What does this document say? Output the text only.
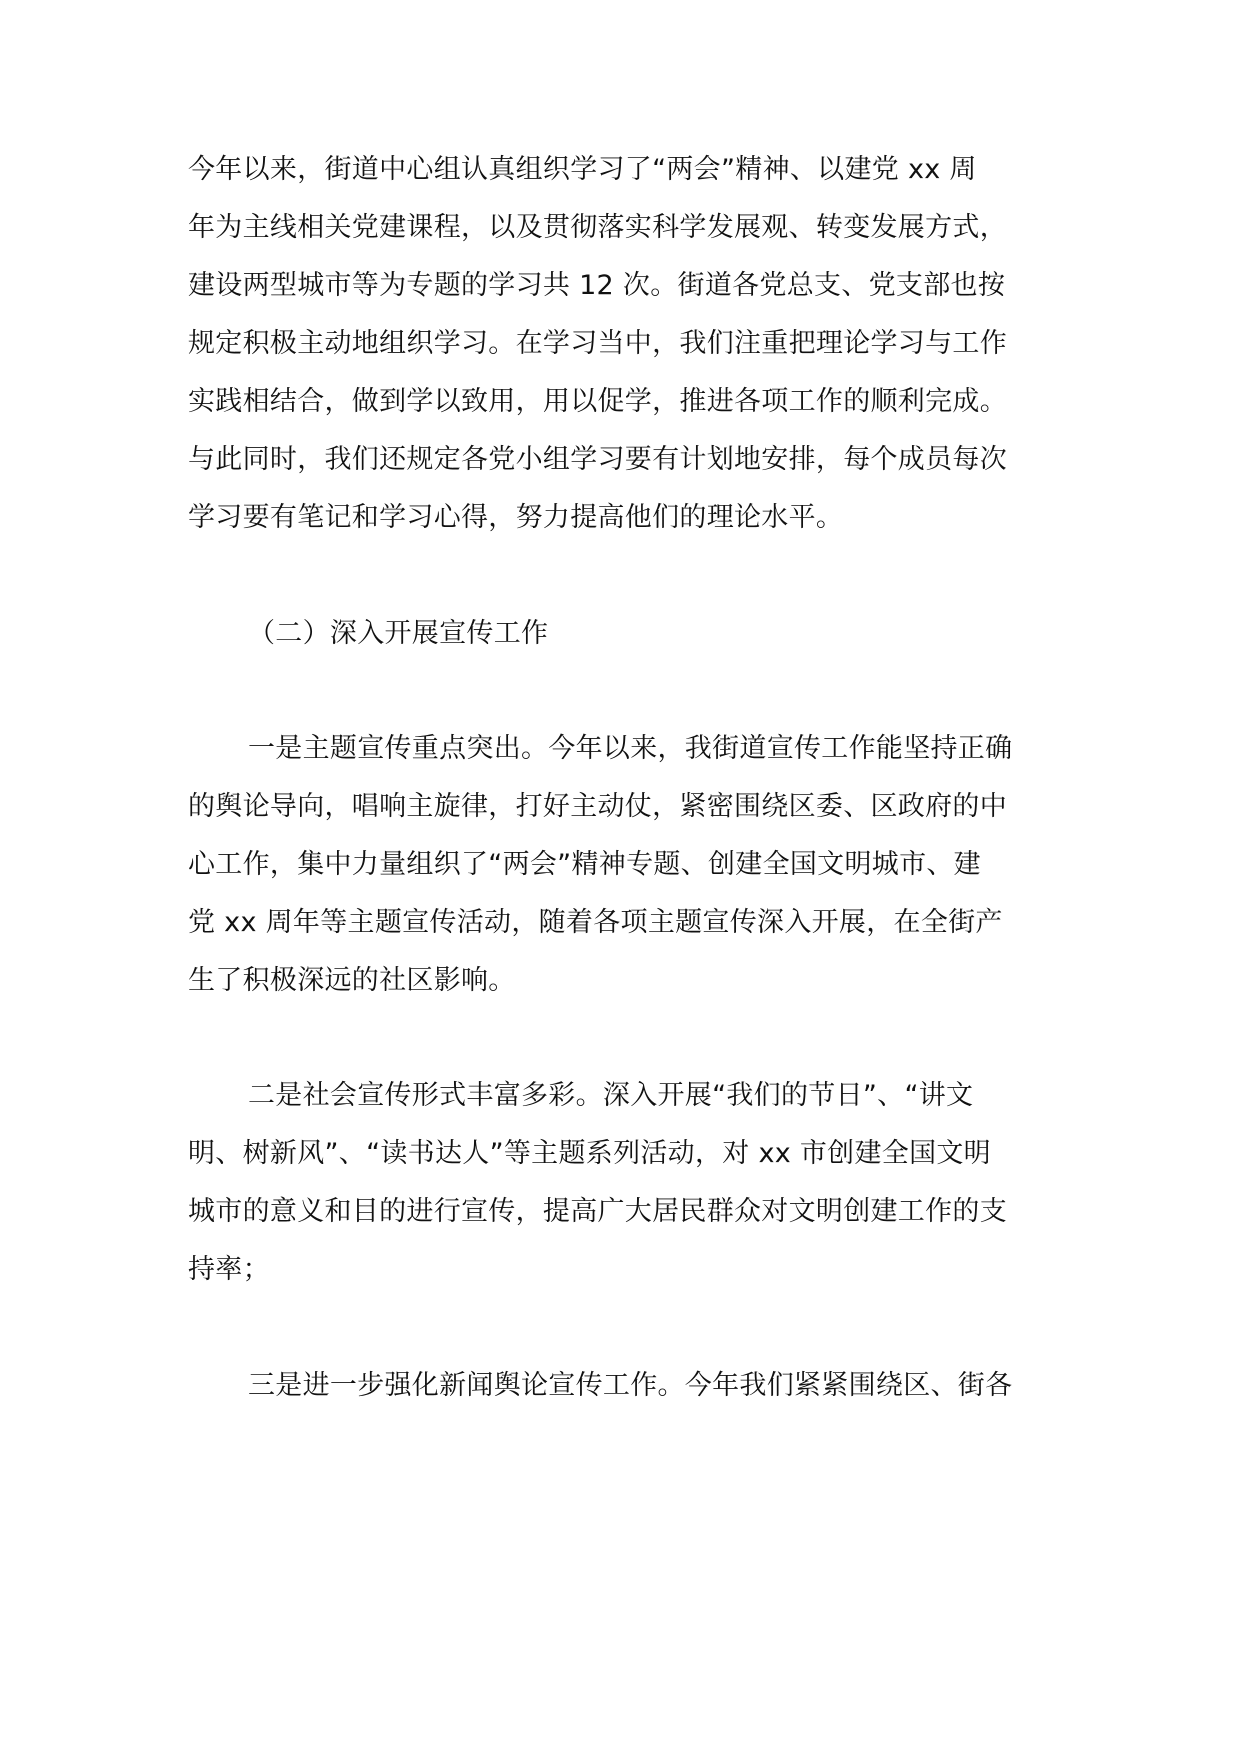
今年以来，街道中心组认真组织学习了“两会”精神、以建党 xx 周
年为主线相关党建课程，以及贯彻落实科学发展观、转变发展方式，
建设两型城市等为专题的学习共 12 次。街道各党总支、党支部也按
规定积极主动地组织学习。在学习当中，我们注重把理论学习与工作
实践相结合，做到学以致用，用以促学，推进各项工作的顺利完成。
与此同时，我们还规定各党小组学习要有计划地安排，每个成员每次
学习要有笔记和学习心得，努力提高他们的理论水平。
（二）深入开展宣传工作
一是主题宣传重点突出。今年以来，我街道宣传工作能坚持正确
的舆论导向，唱响主旋律，打好主动仗，紧密围绕区委、区政府的中
心工作，集中力量组织了“两会”精神专题、创建全国文明城市、建
党 xx 周年等主题宣传活动，随着各项主题宣传深入开展，在全街产
生了积极深远的社区影响。
二是社会宣传形式丰富多彩。深入开展“我们的节日”、“讲文
明、树新风”、“读书达人”等主题系列活动，对 xx 市创建全国文明
城市的意义和目的进行宣传，提高广大居民群众对文明创建工作的支
持率；
三是进一步强化新闻舆论宣传工作。今年我们紧紧围绕区、街各
